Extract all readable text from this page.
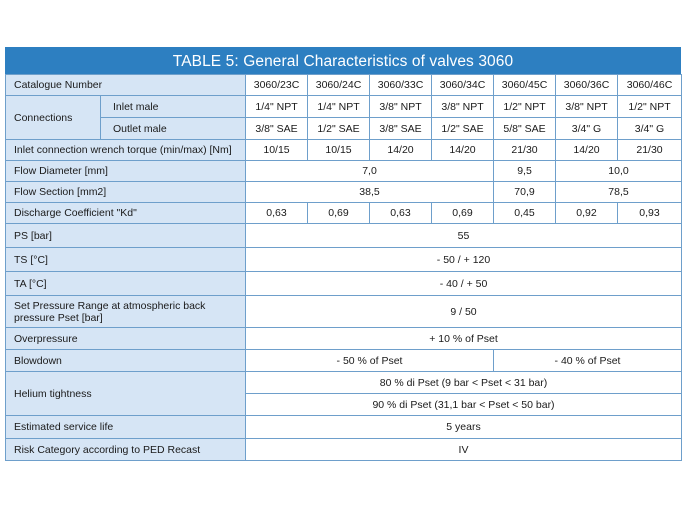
TABLE 5: General Characteristics of valves 3060
Catalogue Number		3060/23C	3060/24C	3060/33C	3060/34C	3060/45C	3060/36C	3060/46C
Connections	Inlet male	1/4" NPT	1/4" NPT	3/8" NPT	3/8" NPT	1/2" NPT	3/8" NPT	1/2" NPT
	Outlet male	3/8" SAE	1/2" SAE	3/8" SAE	1/2" SAE	5/8" SAE	3/4" G	3/4" G
Inlet connection wrench torque (min/max) [Nm]		10/15	10/15	14/20	14/20	21/30	14/20	21/30
Flow Diameter [mm]		7,0				9,5	10,0	
Flow Section [mm2]		38,5				70,9	78,5	
Discharge Coefficient "Kd"		0,63	0,69	0,63	0,69	0,45	0,92	0,93
PS [bar]		55						
TS [°C]		- 50 / + 120						
TA [°C]		- 40 / + 50						
Set Pressure Range at atmospheric back pressure Pset [bar]		9 / 50						
Overpressure		+ 10 % of Pset						
Blowdown		- 50 % of Pset				- 40 % of Pset		
Helium tightness		80 % di Pset (9 bar < Pset < 31 bar)						
		90 % di Pset (31,1 bar < Pset < 50 bar)						
Estimated service life		5 years						
Risk Category according to PED Recast		IV						
